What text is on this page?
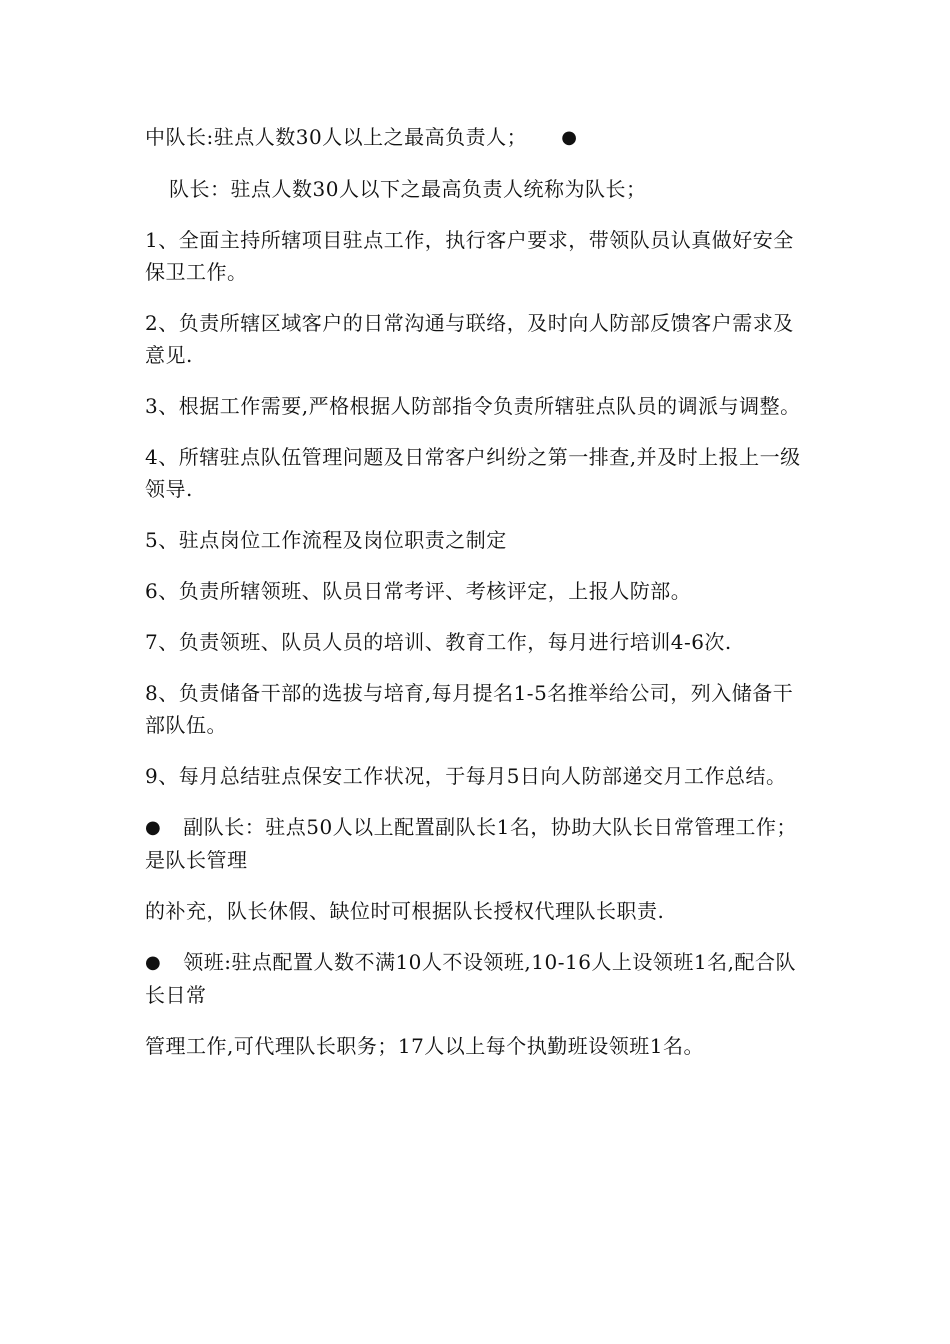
中队长:驻点人数30人以上之最高负责人； ●

队长：驻点人数30人以下之最高负责人统称为队长；

1、全面主持所辖项目驻点工作，执行客户要求，带领队员认真做好安全保卫工作。

2、负责所辖区域客户的日常沟通与联络，及时向人防部反馈客户需求及意见.

3、根据工作需要,严格根据人防部指令负责所辖驻点队员的调派与调整。

4、所辖驻点队伍管理问题及日常客户纠纷之第一排查,并及时上报上一级领导.

5、驻点岗位工作流程及岗位职责之制定

6、负责所辖领班、队员日常考评、考核评定，上报人防部。

7、负责领班、队员人员的培训、教育工作，每月进行培训4-6次.

8、负责储备干部的选拔与培育,每月提名1-5名推举给公司，列入储备干部队伍。

9、每月总结驻点保安工作状况，于每月5日向人防部递交月工作总结。

● 副队长：驻点50人以上配置副队长1名，协助大队长日常管理工作；是队长管理

的补充，队长休假、缺位时可根据队长授权代理队长职责.

● 领班:驻点配置人数不满10人不设领班,10-16人上设领班1名,配合队长日常

管理工作,可代理队长职务；17人以上每个执勤班设领班1名。
